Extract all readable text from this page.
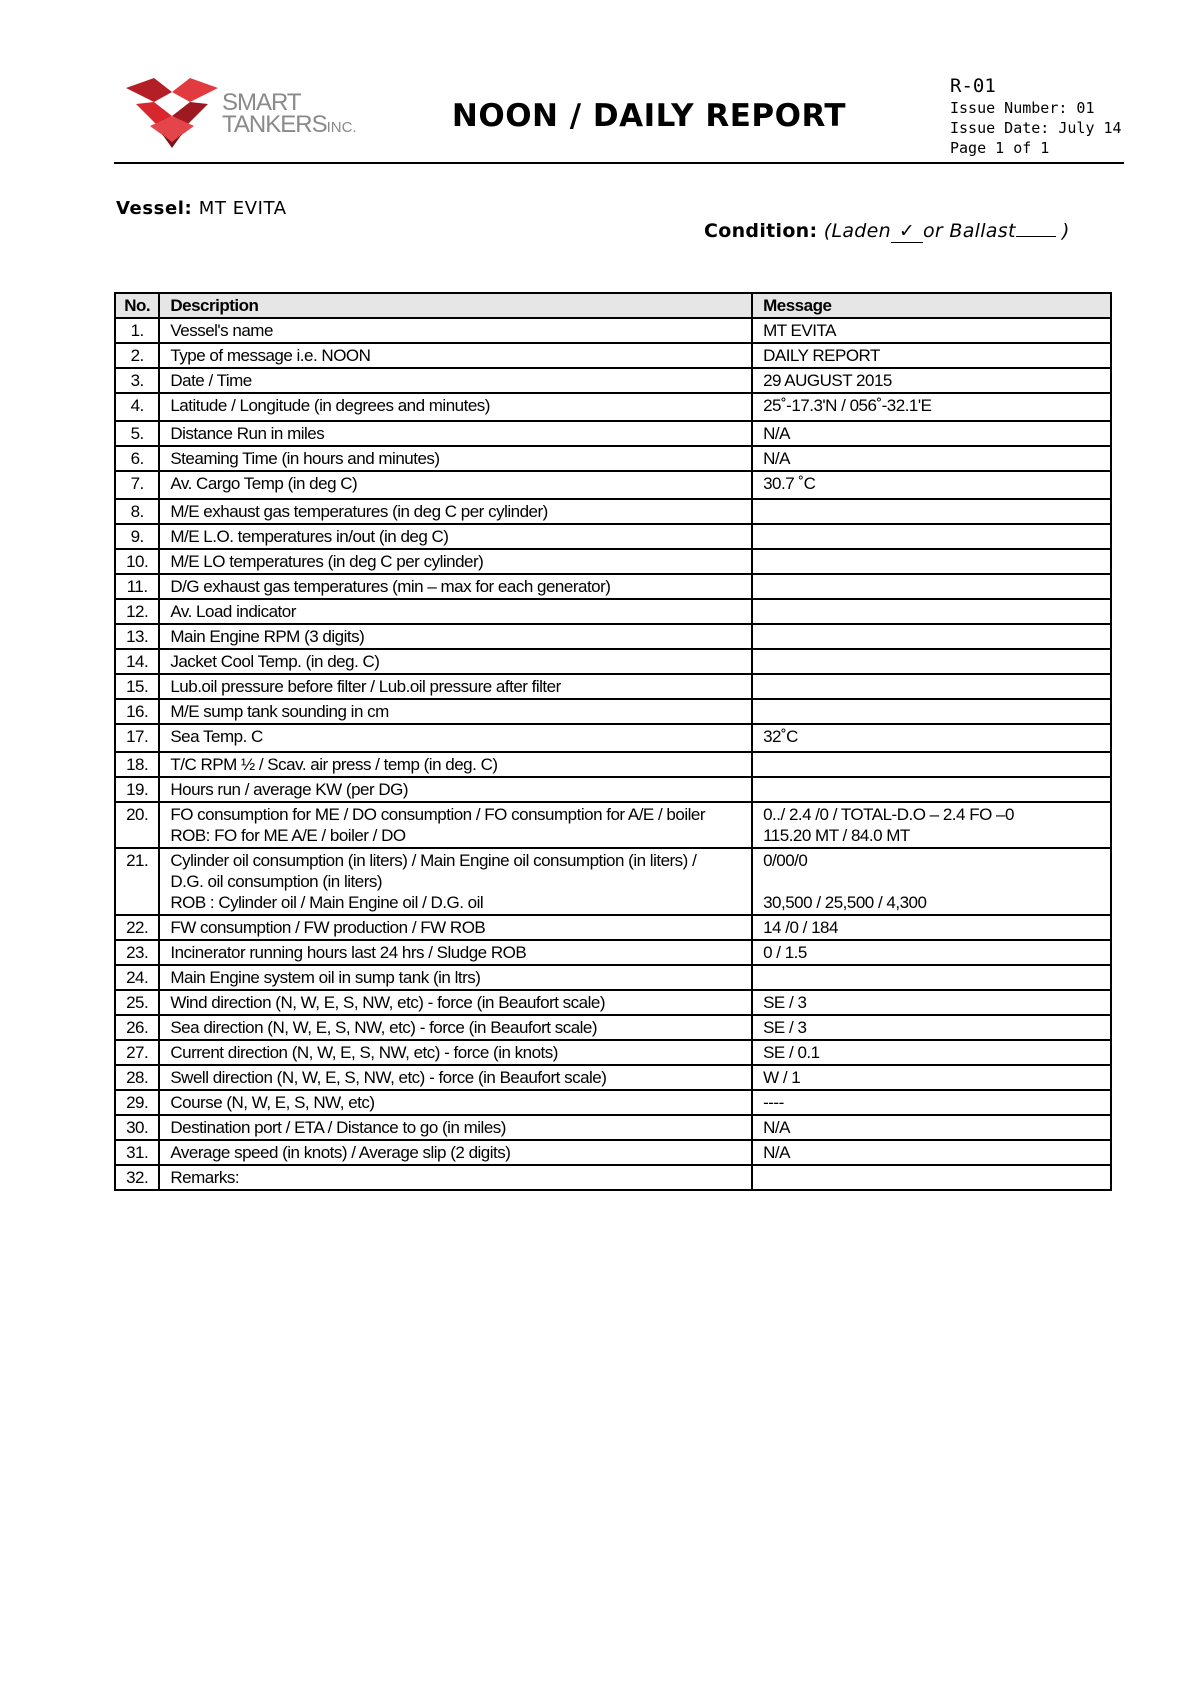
SMART
TANKERSINC.	NOON / DAILY REPORT
R-01
Issue Number: 01
Issue Date: July 14
Page 1 of 1
Vessel: MT EVITA
Condition: (Laden ✓ or Ballast )
No.	Description	Message
1.	Vessel's name	MT EVITA
2.	Type of message i.e. NOON	DAILY REPORT
3.	Date / Time	29 AUGUST 2015
4.	Latitude / Longitude (in degrees and minutes)	25˚-17.3'N / 056˚-32.1'E
5.	Distance Run in miles	N/A
6.	Steaming Time (in hours and minutes)	N/A
7.	Av. Cargo Temp (in deg C)	30.7 ˚C
8.	M/E exhaust gas temperatures (in deg C per cylinder)	
9.	M/E L.O. temperatures in/out (in deg C)	
10.	M/E LO temperatures (in deg C per cylinder)	
11.	D/G exhaust gas temperatures (min – max for each generator)	
12.	Av. Load indicator	
13.	Main Engine RPM (3 digits)	
14.	Jacket Cool Temp. (in deg. C)	
15.	Lub.oil pressure before filter / Lub.oil pressure after filter	
16.	M/E sump tank sounding in cm	
17.	Sea Temp. C	32˚C
18.	T/C RPM ½ / Scav. air press / temp (in deg. C)	
19.	Hours run / average KW (per DG)	
20.	FO consumption for ME / DO consumption / FO consumption for A/E / boiler
ROB: FO for ME A/E / boiler / DO	0../ 2.4 /0 / TOTAL-D.O – 2.4 FO –0
115.20 MT / 84.0 MT
21.	Cylinder oil consumption (in liters) / Main Engine oil consumption (in liters) /
D.G. oil consumption (in liters)
ROB : Cylinder oil / Main Engine oil / D.G. oil	0/00/0

30,500 / 25,500 / 4,300
22.	FW consumption / FW production / FW ROB	14 /0 / 184
23.	Incinerator running hours last 24 hrs / Sludge ROB	0 / 1.5
24.	Main Engine system oil in sump tank (in ltrs)	
25.	Wind direction (N, W, E, S, NW, etc) - force (in Beaufort scale)	SE / 3
26.	Sea direction (N, W, E, S, NW, etc) - force (in Beaufort scale)	SE / 3
27.	Current direction (N, W, E, S, NW, etc) - force (in knots)	SE / 0.1
28.	Swell direction (N, W, E, S, NW, etc) - force (in Beaufort scale)	W / 1
29.	Course (N, W, E, S, NW, etc)	----
30.	Destination port / ETA / Distance to go (in miles)	N/A
31.	Average speed (in knots) / Average slip (2 digits)	N/A
32.	Remarks:	
